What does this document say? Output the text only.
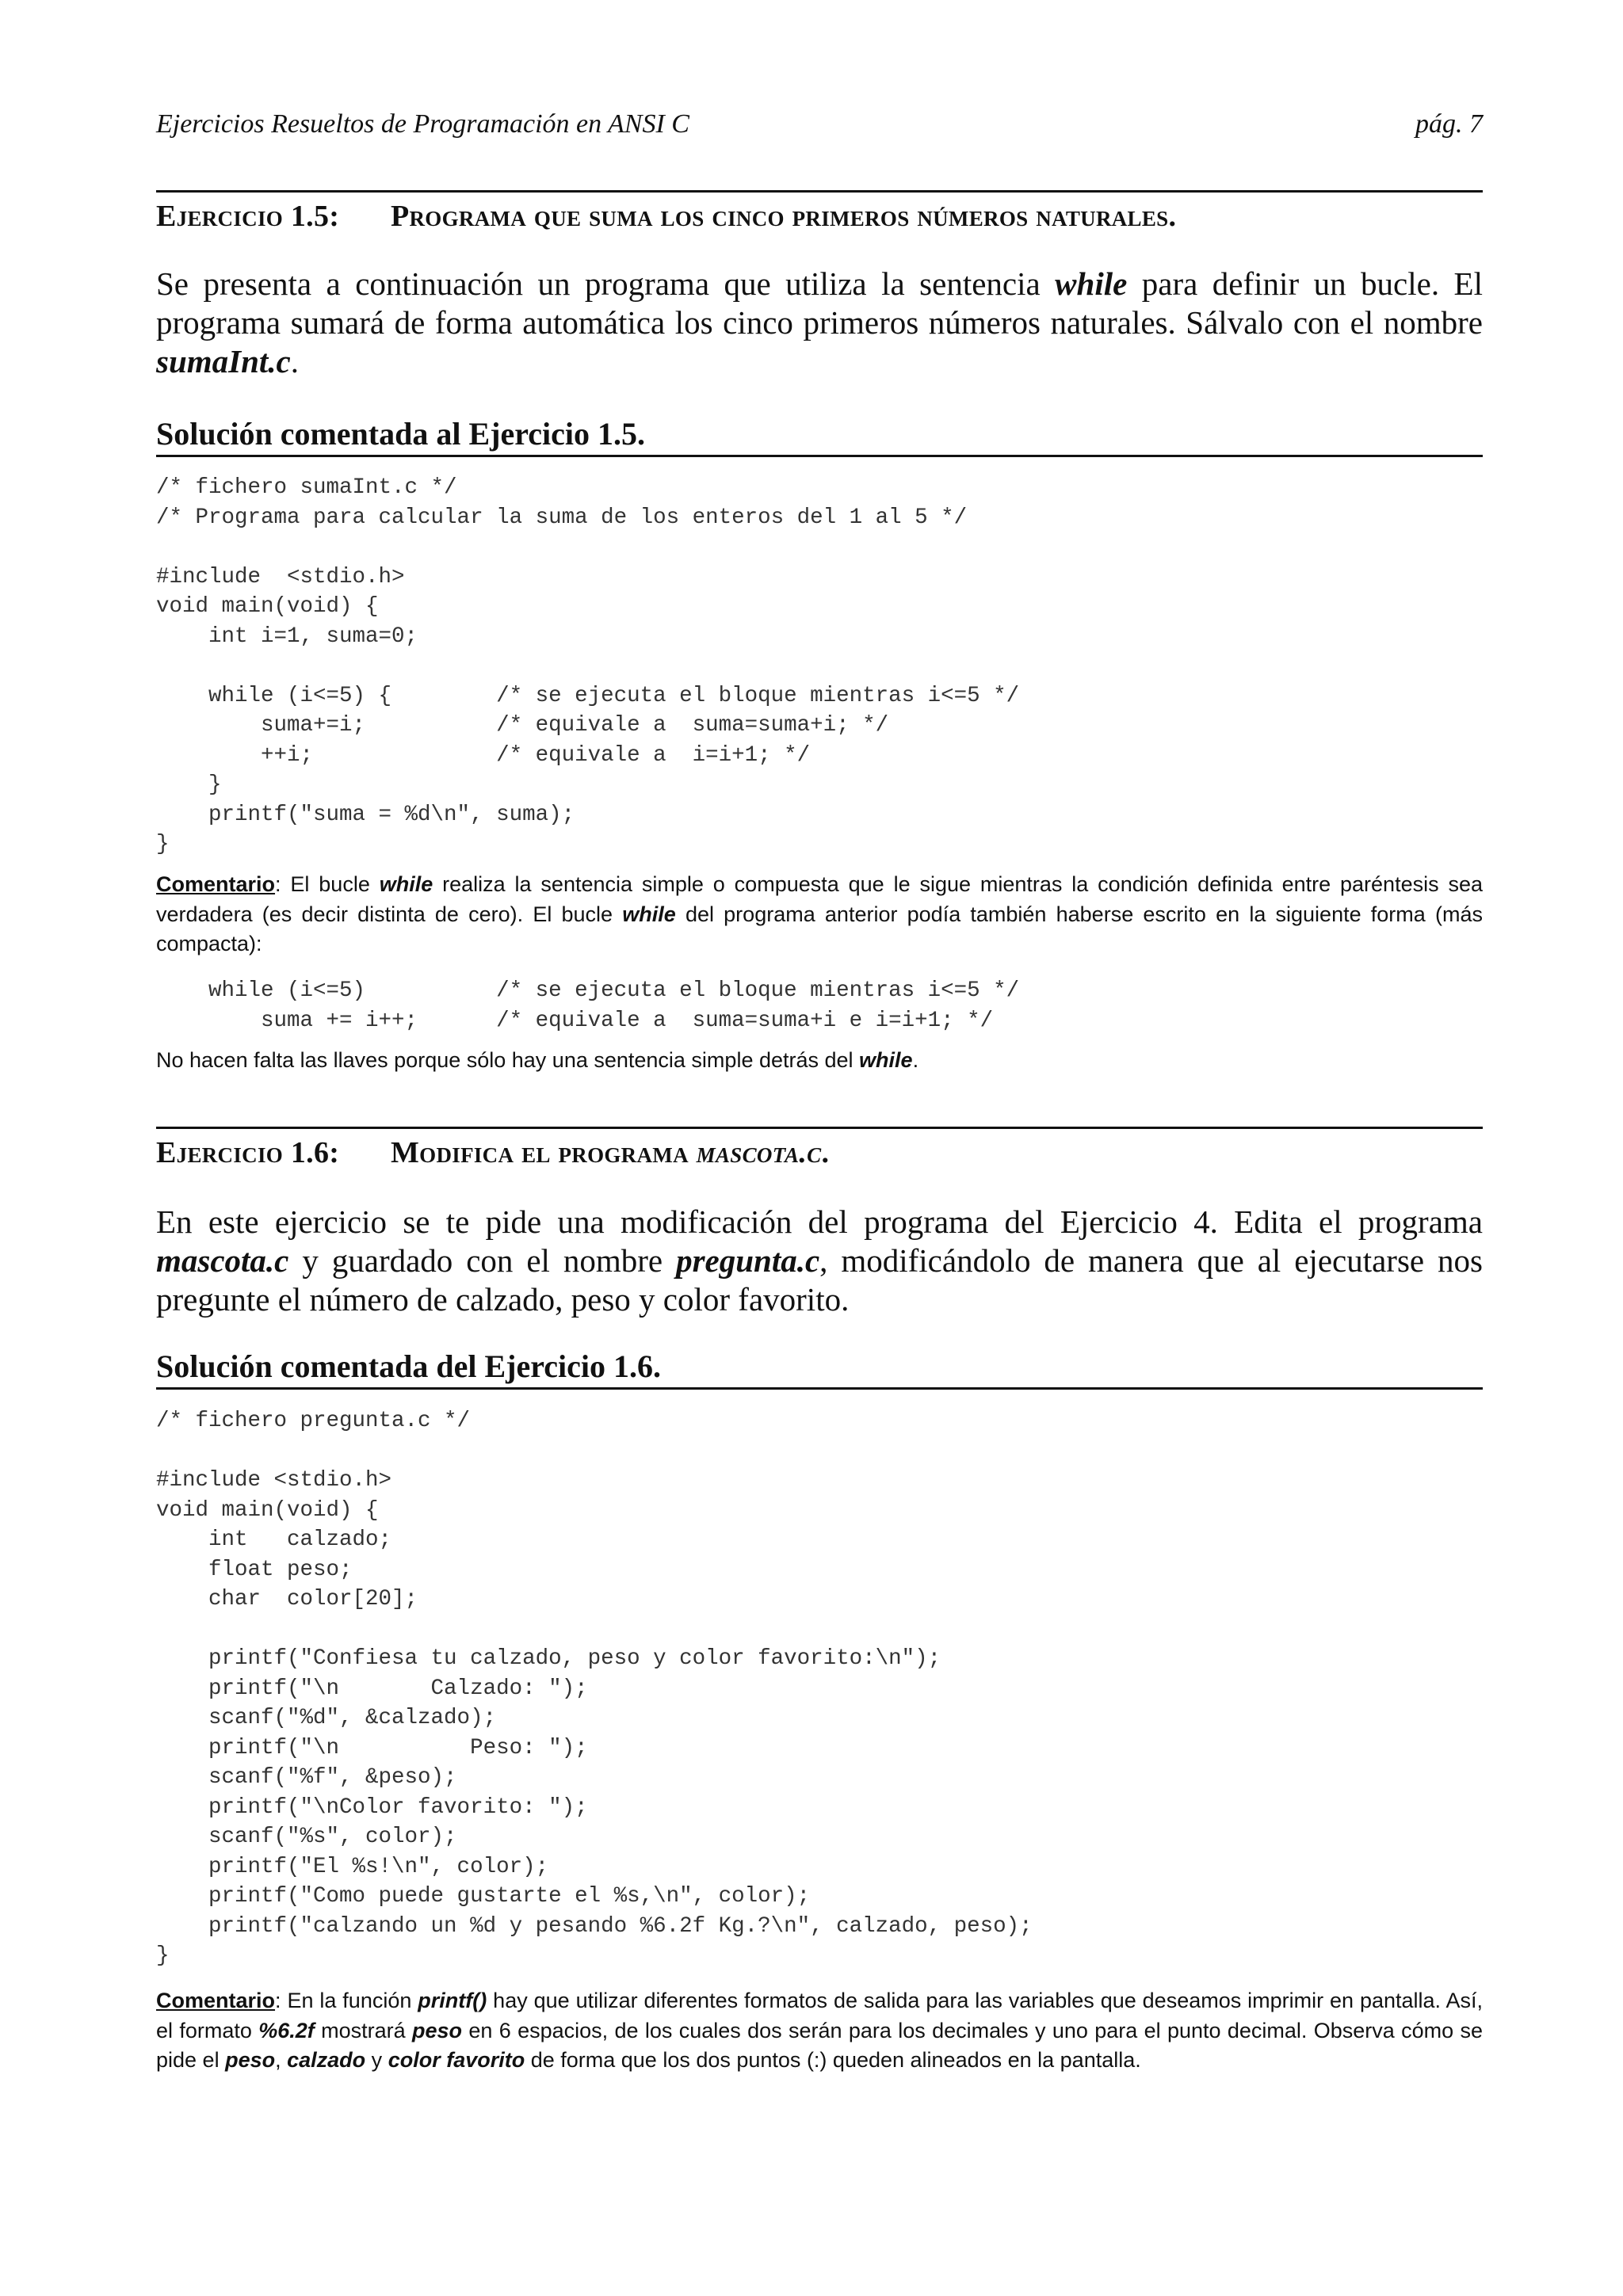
Ejercicios Resueltos de Programación en ANSI C	pág. 7
Ejercicio 1.5: Programa que suma los cinco primeros números naturales.
Se presenta a continuación un programa que utiliza la sentencia while para definir un bucle. El programa sumará de forma automática los cinco primeros números naturales. Sálvalo con el nombre sumaInt.c.
Solución comentada al Ejercicio 1.5.
/* fichero sumaInt.c */
/* Programa para calcular la suma de los enteros del 1 al 5 */

#include  <stdio.h>
void main(void) {
int i=1, suma=0;

while (i<=5) {        /* se ejecuta el bloque mientras i<=5 */
suma+=i;          /* equivale a  suma=suma+i; */
++i;              /* equivale a  i=i+1; */
}
printf("suma = %d\n", suma);
}
Comentario: El bucle while realiza la sentencia simple o compuesta que le sigue mientras la condición definida entre paréntesis sea verdadera (es decir distinta de cero). El bucle while del programa anterior podía también haberse escrito en la siguiente forma (más compacta):
while (i<=5)          /* se ejecuta el bloque mientras i<=5 */
suma += i++;      /* equivale a  suma=suma+i e i=i+1; */
No hacen falta las llaves porque sólo hay una sentencia simple detrás del while.
Ejercicio 1.6: Modifica el programa mascota.c.
En este ejercicio se te pide una modificación del programa del Ejercicio 4. Edita el programa mascota.c y guardado con el nombre pregunta.c, modificándolo de manera que al ejecutarse nos pregunte el número de calzado, peso y color favorito.
Solución comentada del Ejercicio 1.6.
/* fichero pregunta.c */

#include <stdio.h>
void main(void) {
int   calzado;
float peso;
char  color[20];

printf("Confiesa tu calzado, peso y color favorito:\n");
printf("\n       Calzado: ");
scanf("%d", &calzado);
printf("\n          Peso: ");
scanf("%f", &peso);
printf("\nColor favorito: ");
scanf("%s", color);
printf("El %s!\n", color);
printf("Como puede gustarte el %s,\n", color);
printf("calzando un %d y pesando %6.2f Kg.?\n", calzado, peso);
}
Comentario: En la función printf() hay que utilizar diferentes formatos de salida para las variables que deseamos imprimir en pantalla. Así, el formato %6.2f mostrará peso en 6 espacios, de los cuales dos serán para los decimales y uno para el punto decimal. Observa cómo se pide el peso, calzado y color favorito de forma que los dos puntos (:) queden alineados en la pantalla.
